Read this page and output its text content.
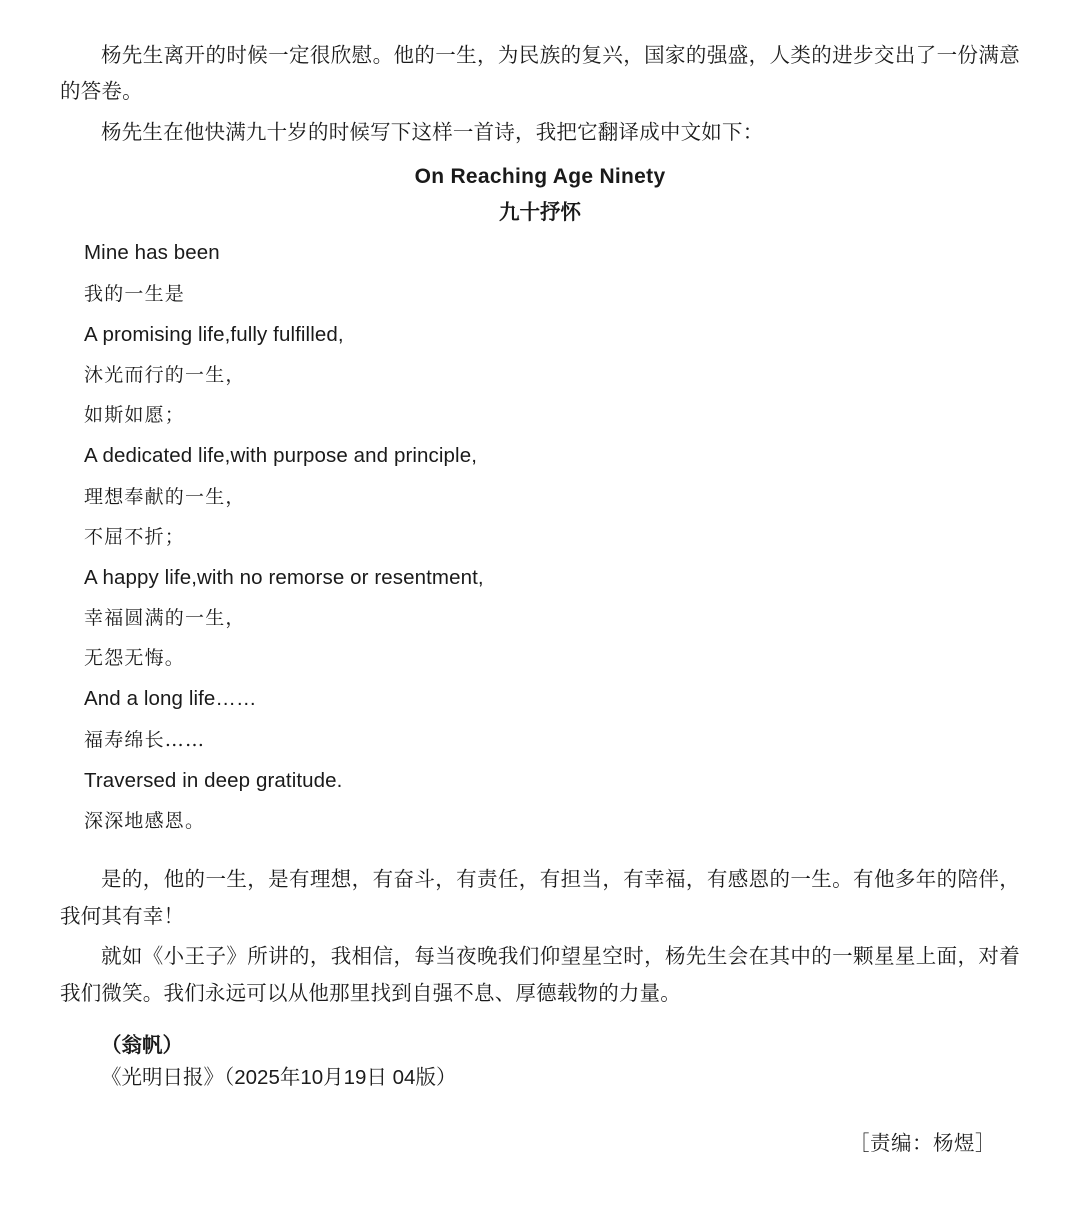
杨先生离开的时候一定很欣慰。他的一生，为民族的复兴，国家的强盛，人类的进步交出了一份满意的答卷。

杨先生在他快满九十岁的时候写下这样一首诗，我把它翻译成中文如下：

On Reaching Age Ninety
九十抒怀

Mine has been

我的一生是

A promising life,fully fulfilled,

沐光而行的一生，

如斯如愿；

A dedicated life,with purpose and principle,

理想奉献的一生，

不屈不折；

A happy life,with no remorse or resentment,

幸福圆满的一生，

无怨无悔。

And a long life……

福寿绵长……

Traversed in deep gratitude.

深深地感恩。

是的，他的一生，是有理想，有奋斗，有责任，有担当，有幸福，有感恩的一生。有他多年的陪伴，我何其有幸！

就如《小王子》所讲的，我相信，每当夜晚我们仰望星空时，杨先生会在其中的一颗星星上面，对着我们微笑。我们永远可以从他那里找到自强不息、厚德载物的力量。

（翁帆）

《光明日报》（2025年10月19日 04版）

［责编：杨煜］
